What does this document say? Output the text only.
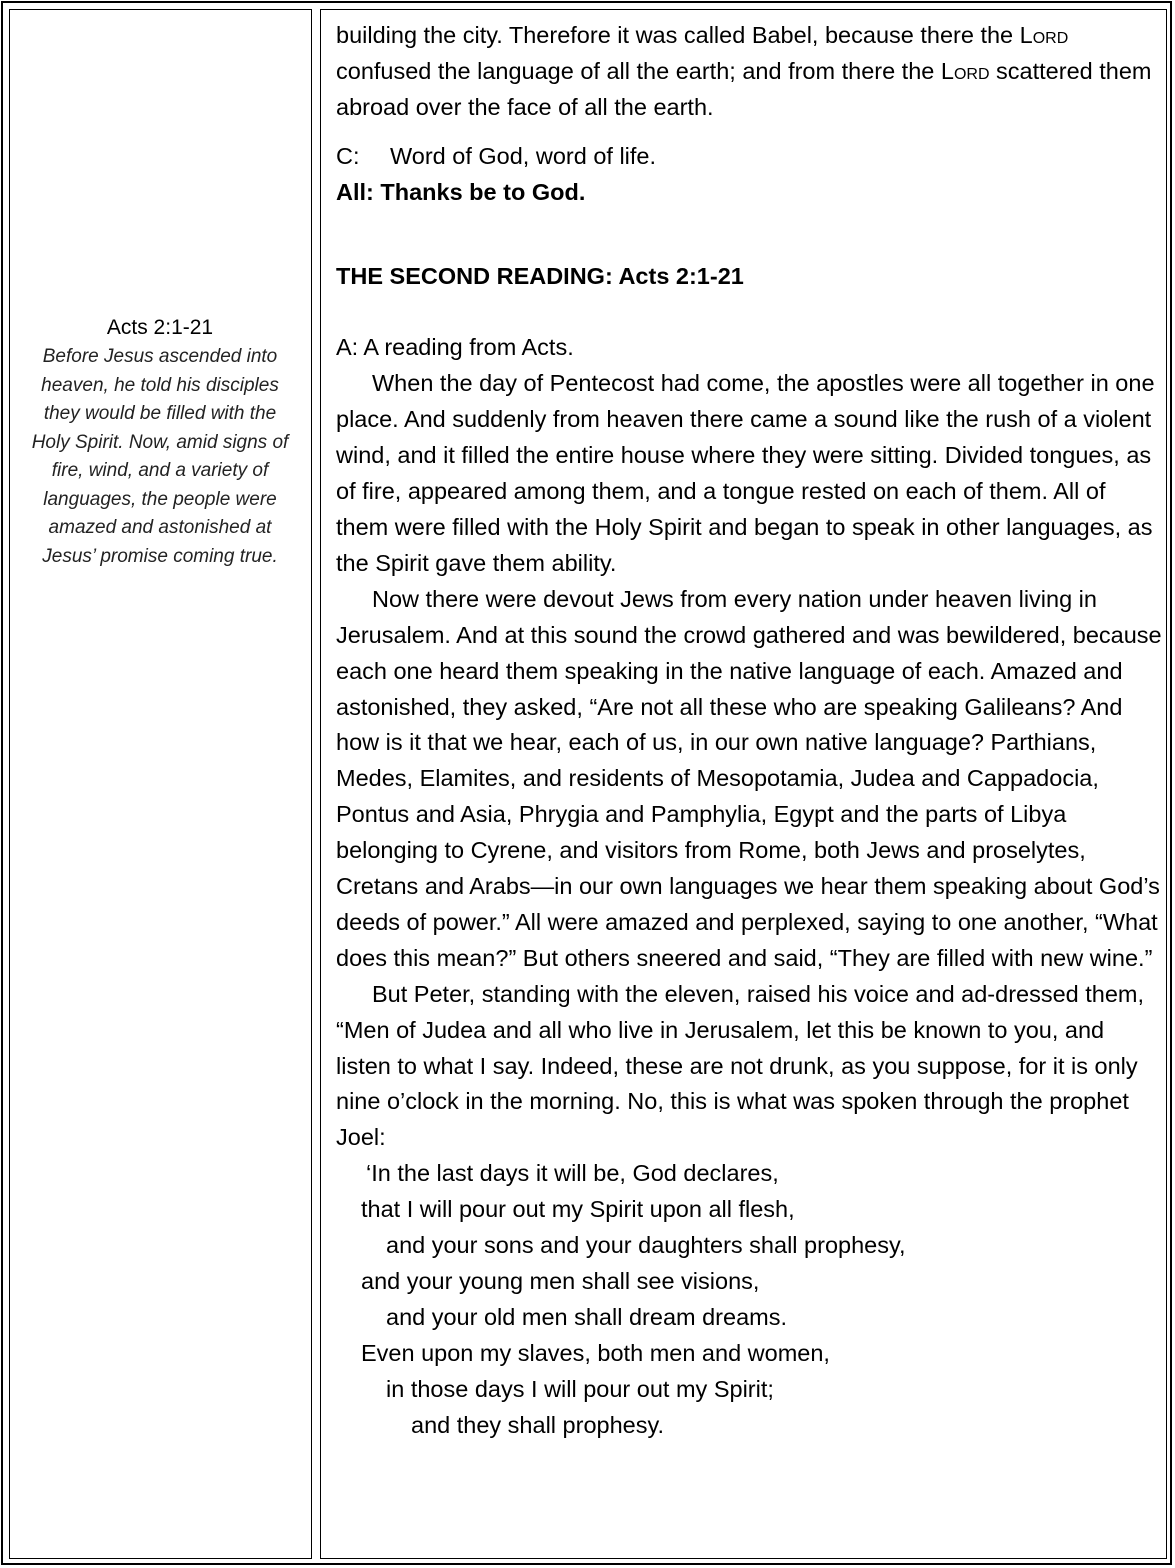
Acts 2:1-21
Before Jesus ascended into heaven, he told his disciples they would be filled with the Holy Spirit. Now, amid signs of fire, wind, and a variety of languages, the people were amazed and astonished at Jesus’ promise coming true.

building the city. Therefore it was called Babel, because there the Lord confused the language of all the earth; and from there the Lord scattered them abroad over the face of all the earth.

C: Word of God, word of life.

All: Thanks be to God.

THE SECOND READING: Acts 2:1-21

A: A reading from Acts.

When the day of Pentecost had come, the apostles were all together in one place. And suddenly from heaven there came a sound like the rush of a violent wind, and it filled the entire house where they were sitting. Divided tongues, as of fire, appeared among them, and a tongue rested on each of them. All of them were filled with the Holy Spirit and began to speak in other languages, as the Spirit gave them ability.

Now there were devout Jews from every nation under heaven living in Jerusalem. And at this sound the crowd gathered and was bewildered, because each one heard them speaking in the native language of each. Amazed and astonished, they asked, “Are not all these who are speaking Galileans? And how is it that we hear, each of us, in our own native language? Parthians, Medes, Elamites, and residents of Mesopotamia, Judea and Cappadocia, Pontus and Asia, Phrygia and Pamphylia, Egypt and the parts of Libya belonging to Cyrene, and visitors from Rome, both Jews and proselytes, Cretans and Arabs—in our own languages we hear them speaking about God’s deeds of power.” All were amazed and perplexed, saying to one another, “What does this mean?” But others sneered and said, “They are filled with new wine.”

But Peter, standing with the eleven, raised his voice and ad-dressed them, “Men of Judea and all who live in Jerusalem, let this be known to you, and listen to what I say. Indeed, these are not drunk, as you suppose, for it is only nine o’clock in the morning. No, this is what was spoken through the prophet Joel:

‘In the last days it will be, God declares,
that I will pour out my Spirit upon all flesh,
and your sons and your daughters shall prophesy,
and your young men shall see visions,
and your old men shall dream dreams.
Even upon my slaves, both men and women,
in those days I will pour out my Spirit;
and they shall prophesy.
